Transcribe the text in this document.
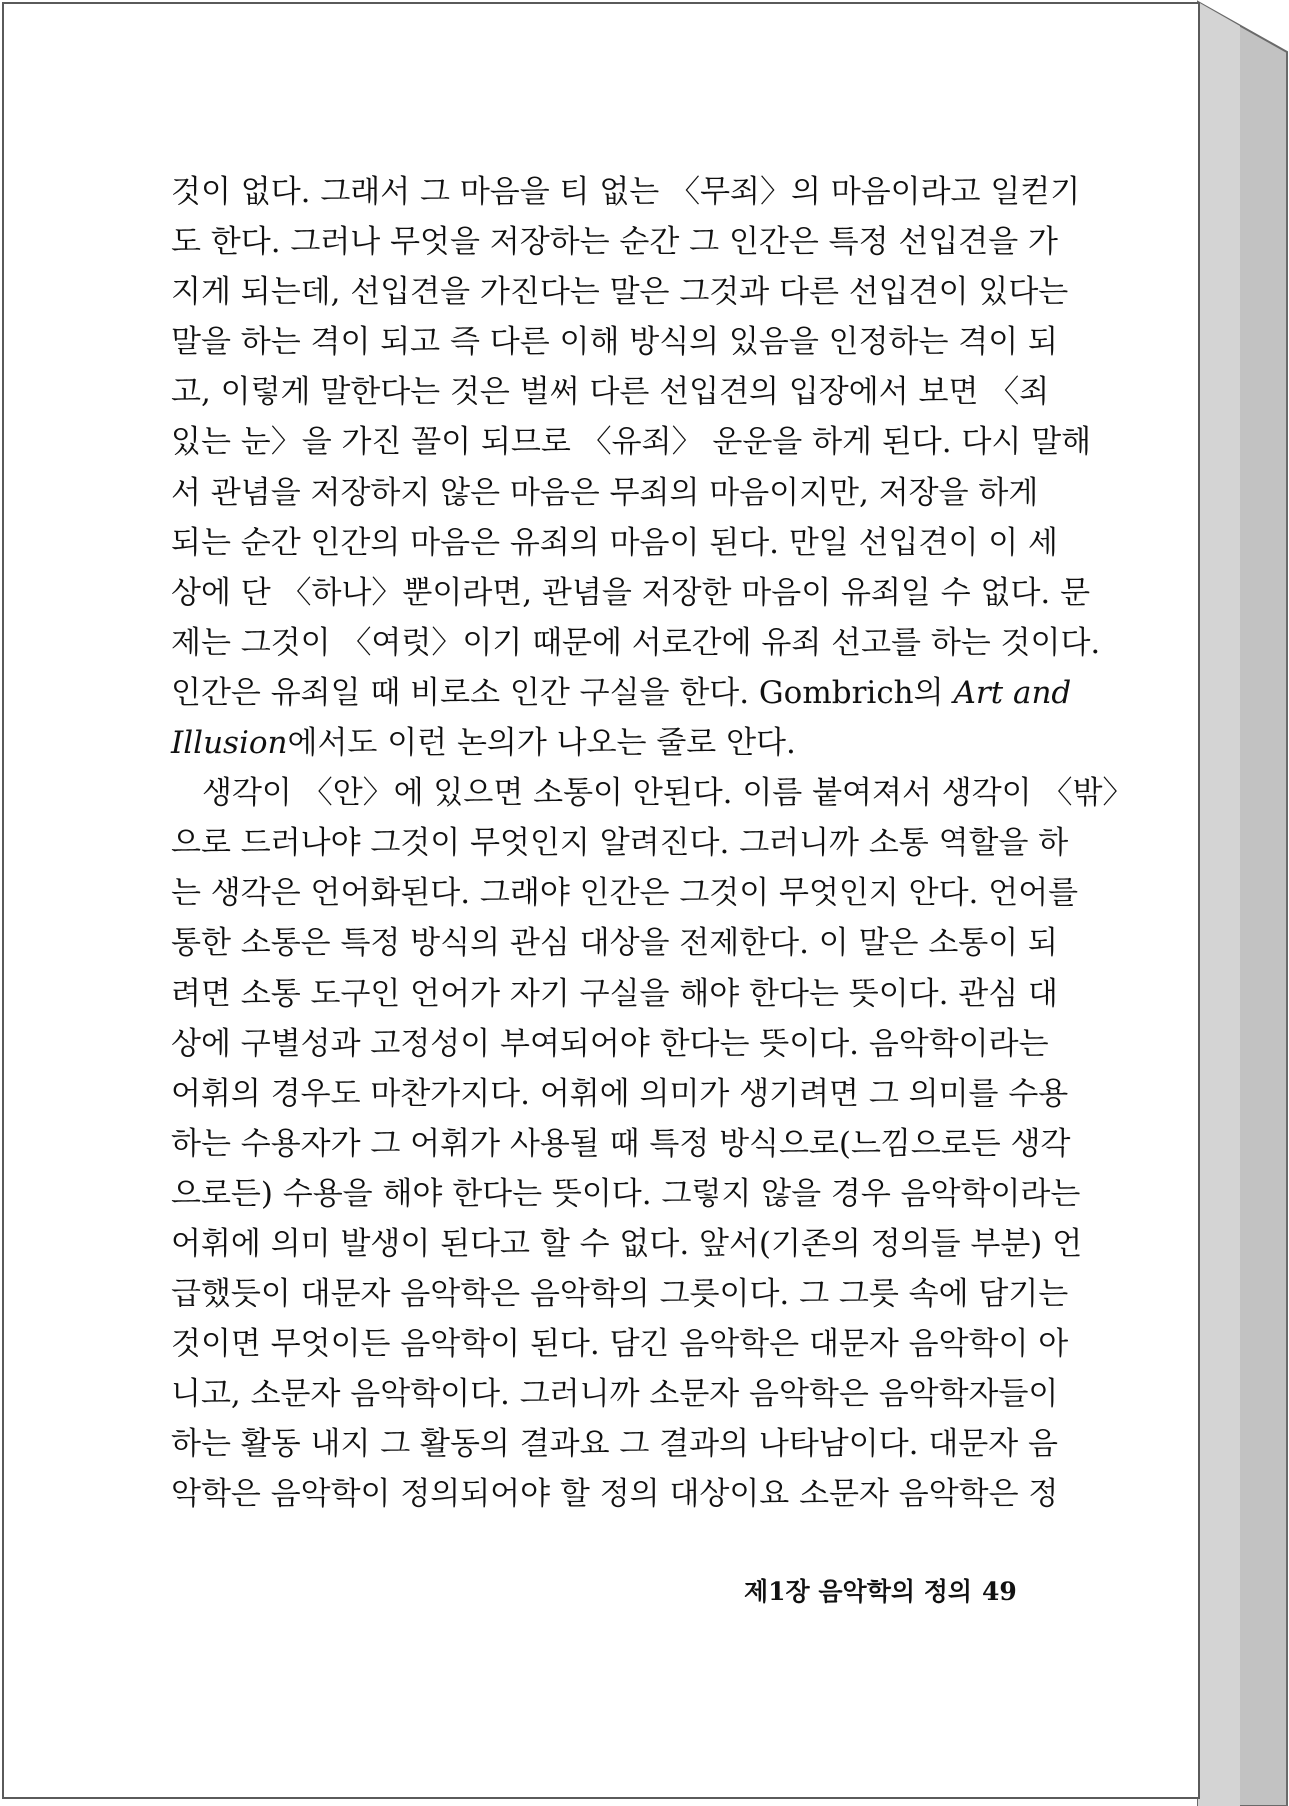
것이 없다. 그래서 그 마음을 티 없는 〈무죄〉의 마음이라고 일컫기
도 한다. 그러나 무엇을 저장하는 순간 그 인간은 특정 선입견을 가
지게 되는데, 선입견을 가진다는 말은 그것과 다른 선입견이 있다는
말을 하는 격이 되고 즉 다른 이해 방식의 있음을 인정하는 격이 되
고, 이렇게 말한다는 것은 벌써 다른 선입견의 입장에서 보면 〈죄
있는 눈〉을 가진 꼴이 되므로 〈유죄〉 운운을 하게 된다. 다시 말해
서 관념을 저장하지 않은 마음은 무죄의 마음이지만, 저장을 하게
되는 순간 인간의 마음은 유죄의 마음이 된다. 만일 선입견이 이 세
상에 단 〈하나〉뿐이라면, 관념을 저장한 마음이 유죄일 수 없다. 문
제는 그것이 〈여럿〉이기 때문에 서로간에 유죄 선고를 하는 것이다.
인간은 유죄일 때 비로소 인간 구실을 한다. Gombrich의 Art and
Illusion에서도 이런 논의가 나오는 줄로 안다.
생각이 〈안〉에 있으면 소통이 안된다. 이름 붙여져서 생각이 〈밖〉
으로 드러나야 그것이 무엇인지 알려진다. 그러니까 소통 역할을 하
는 생각은 언어화된다. 그래야 인간은 그것이 무엇인지 안다. 언어를
통한 소통은 특정 방식의 관심 대상을 전제한다. 이 말은 소통이 되
려면 소통 도구인 언어가 자기 구실을 해야 한다는 뜻이다. 관심 대
상에 구별성과 고정성이 부여되어야 한다는 뜻이다. 음악학이라는
어휘의 경우도 마찬가지다. 어휘에 의미가 생기려면 그 의미를 수용
하는 수용자가 그 어휘가 사용될 때 특정 방식으로(느낌으로든 생각
으로든) 수용을 해야 한다는 뜻이다. 그렇지 않을 경우 음악학이라는
어휘에 의미 발생이 된다고 할 수 없다. 앞서(기존의 정의들 부분) 언
급했듯이 대문자 음악학은 음악학의 그릇이다. 그 그릇 속에 담기는
것이면 무엇이든 음악학이 된다. 담긴 음악학은 대문자 음악학이 아
니고, 소문자 음악학이다. 그러니까 소문자 음악학은 음악학자들이
하는 활동 내지 그 활동의 결과요 그 결과의 나타남이다. 대문자 음
악학은 음악학이 정의되어야 할 정의 대상이요 소문자 음악학은 정
제1장 음악학의 정의 49
